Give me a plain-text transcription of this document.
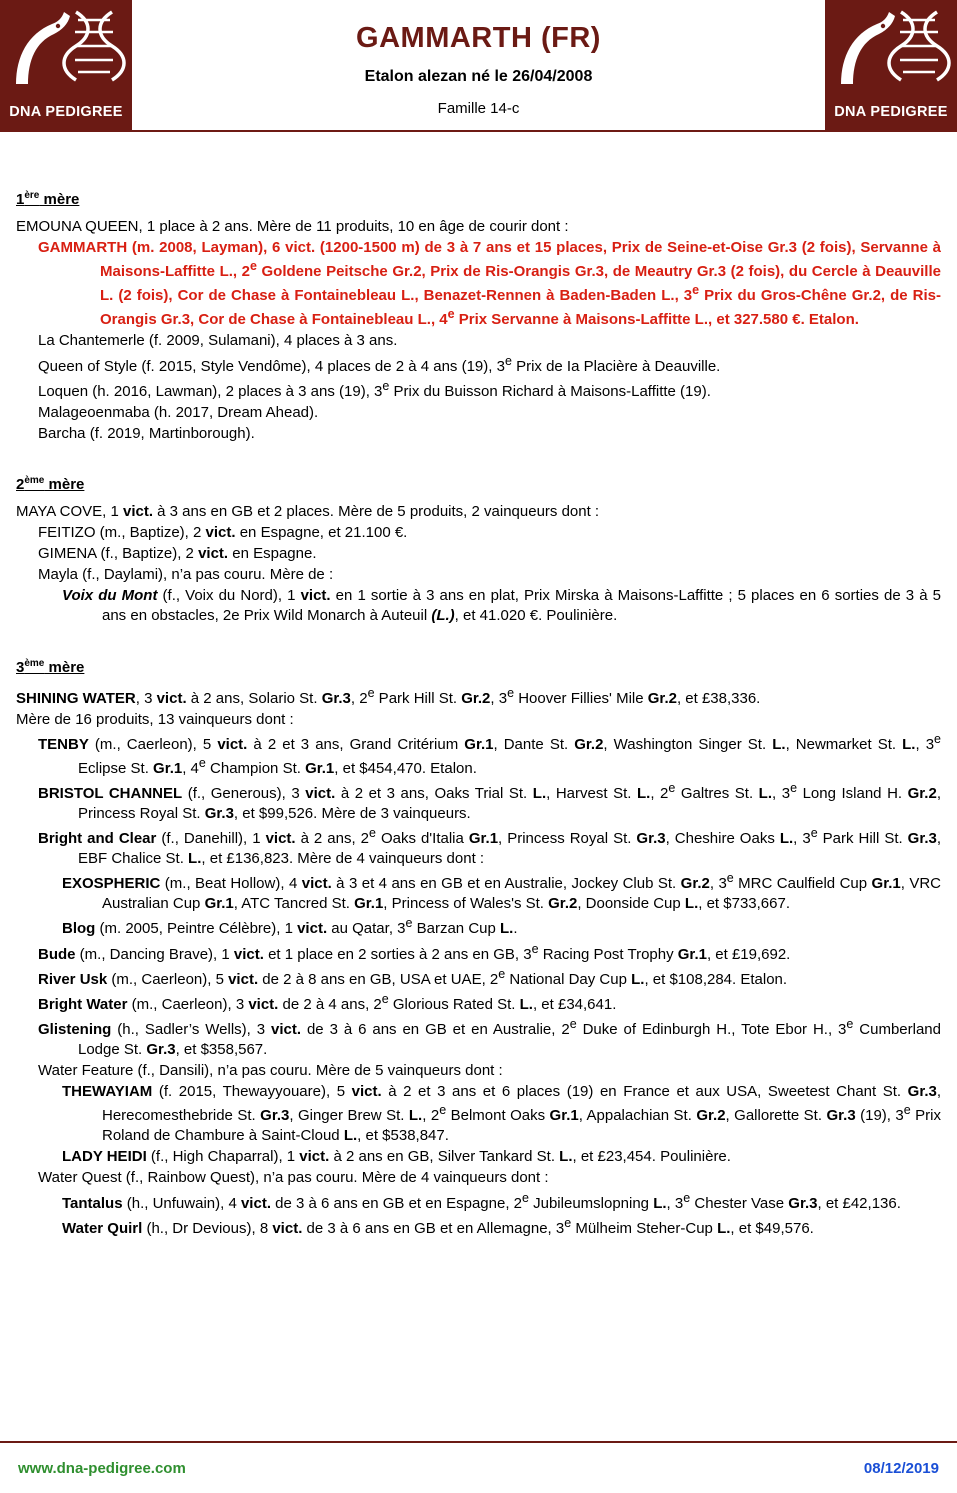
DNA PEDIGREE
GAMMARTH (FR)
Etalon alezan né le 26/04/2008
Famille 14-c	DNA PEDIGREE
1ère mère

EMOUNA QUEEN, 1 place à 2 ans. Mère de 11 produits, 10 en âge de courir dont :

GAMMARTH (m. 2008, Layman), 6 vict. (1200-1500 m) de 3 à 7 ans et 15 places, Prix de Seine-et-Oise Gr.3 (2 fois), Servanne à Maisons-Laffitte L., 2e Goldene Peitsche Gr.2, Prix de Ris-Orangis Gr.3, de Meautry Gr.3 (2 fois), du Cercle à Deauville L. (2 fois), Cor de Chase à Fontainebleau L., Benazet-Rennen à Baden-Baden L., 3e Prix du Gros-Chêne Gr.2, de Ris-Orangis Gr.3, Cor de Chase à Fontainebleau L., 4e Prix Servanne à Maisons-Laffitte L., et 327.580 €. Etalon.

La Chantemerle (f. 2009, Sulamani), 4 places à 3 ans.

Queen of Style (f. 2015, Style Vendôme), 4 places de 2 à 4 ans (19), 3e Prix de Ia Placière à Deauville.

Loquen (h. 2016, Lawman), 2 places à 3 ans (19), 3e Prix du Buisson Richard à Maisons-Laffitte (19).

Malageoenmaba (h. 2017, Dream Ahead).

Barcha (f. 2019, Martinborough).

2ème mère

MAYA COVE, 1 vict. à 3 ans en GB et 2 places. Mère de 5 produits, 2 vainqueurs dont :

FEITIZO (m., Baptize), 2 vict. en Espagne, et 21.100 €.

GIMENA (f., Baptize), 2 vict. en Espagne.

Mayla (f., Daylami), n’a pas couru. Mère de :

Voix du Mont (f., Voix du Nord), 1 vict. en 1 sortie à 3 ans en plat, Prix Mirska à Maisons-Laffitte ; 5 places en 6 sorties de 3 à 5 ans en obstacles, 2e Prix Wild Monarch à Auteuil (L.), et 41.020 €. Poulinière.

3ème mère

SHINING WATER, 3 vict. à 2 ans, Solario St. Gr.3, 2e Park Hill St. Gr.2, 3e Hoover Fillies' Mile Gr.2, et £38,336.

Mère de 16 produits, 13 vainqueurs dont :

TENBY (m., Caerleon), 5 vict. à 2 et 3 ans, Grand Critérium Gr.1, Dante St. Gr.2, Washington Singer St. L., Newmarket St. L., 3e Eclipse St. Gr.1, 4e Champion St. Gr.1, et $454,470. Etalon.

BRISTOL CHANNEL (f., Generous), 3 vict. à 2 et 3 ans, Oaks Trial St. L., Harvest St. L., 2e Galtres St. L., 3e Long Island H. Gr.2, Princess Royal St. Gr.3, et $99,526. Mère de 3 vainqueurs.

Bright and Clear (f., Danehill), 1 vict. à 2 ans, 2e Oaks d'Italia Gr.1, Princess Royal St. Gr.3, Cheshire Oaks L., 3e Park Hill St. Gr.3, EBF Chalice St. L., et £136,823. Mère de 4 vainqueurs dont :

EXOSPHERIC (m., Beat Hollow), 4 vict. à 3 et 4 ans en GB et en Australie, Jockey Club St. Gr.2, 3e MRC Caulfield Cup Gr.1, VRC Australian Cup Gr.1, ATC Tancred St. Gr.1, Princess of Wales's St. Gr.2, Doonside Cup L., et $733,667.

Blog (m. 2005, Peintre Célèbre), 1 vict. au Qatar, 3e Barzan Cup L..

Bude (m., Dancing Brave), 1 vict. et 1 place en 2 sorties à 2 ans en GB, 3e Racing Post Trophy Gr.1, et £19,692.

River Usk (m., Caerleon), 5 vict. de 2 à 8 ans en GB, USA et UAE, 2e National Day Cup L., et $108,284. Etalon.

Bright Water (m., Caerleon), 3 vict. de 2 à 4 ans, 2e Glorious Rated St. L., et £34,641.

Glistening (h., Sadler’s Wells), 3 vict. de 3 à 6 ans en GB et en Australie, 2e Duke of Edinburgh H., Tote Ebor H., 3e Cumberland Lodge St. Gr.3, et $358,567.

Water Feature (f., Dansili), n’a pas couru. Mère de 5 vainqueurs dont :

THEWAYIAM (f. 2015, Thewayyouare), 5 vict. à 2 et 3 ans et 6 places (19) en France et aux USA, Sweetest Chant St. Gr.3, Herecomesthebride St. Gr.3, Ginger Brew St. L., 2e Belmont Oaks Gr.1, Appalachian St. Gr.2, Gallorette St. Gr.3 (19), 3e Prix Roland de Chambure à Saint-Cloud L., et $538,847.

LADY HEIDI (f., High Chaparral), 1 vict. à 2 ans en GB, Silver Tankard St. L., et £23,454. Poulinière.

Water Quest (f., Rainbow Quest), n’a pas couru. Mère de 4 vainqueurs dont :

Tantalus (h., Unfuwain), 4 vict. de 3 à 6 ans en GB et en Espagne, 2e Jubileumslopning L., 3e Chester Vase Gr.3, et £42,136.

Water Quirl (h., Dr Devious), 8 vict. de 3 à 6 ans en GB et en Allemagne, 3e Mülheim Steher-Cup L., et $49,576.

www.dna-pedigree.com	08/12/2019
